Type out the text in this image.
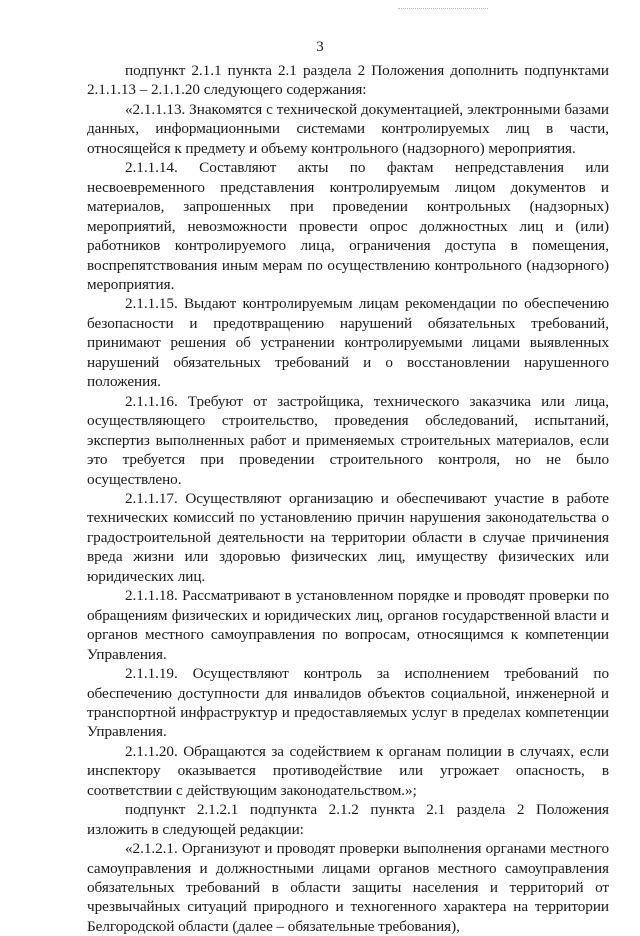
3

подпункт 2.1.1 пункта 2.1 раздела 2 Положения дополнить подпунктами 2.1.1.13 – 2.1.1.20 следующего содержания:

«2.1.1.13. Знакомятся с технической документацией, электронными базами данных, информационными системами контролируемых лиц в части, относящейся к предмету и объему контрольного (надзорного) мероприятия.

2.1.1.14. Составляют акты по фактам непредставления или несвоевременного представления контролируемым лицом документов и материалов, запрошенных при проведении контрольных (надзорных) мероприятий, невозможности провести опрос должностных лиц и (или) работников контролируемого лица, ограничения доступа в помещения, воспрепятствования иным мерам по осуществлению контрольного (надзорного) мероприятия.

2.1.1.15. Выдают контролируемым лицам рекомендации по обеспечению безопасности и предотвращению нарушений обязательных требований, принимают решения об устранении контролируемыми лицами выявленных нарушений обязательных требований и о восстановлении нарушенного положения.

2.1.1.16. Требуют от застройщика, технического заказчика или лица, осуществляющего строительство, проведения обследований, испытаний, экспертиз выполненных работ и применяемых строительных материалов, если это требуется при проведении строительного контроля, но не было осуществлено.

2.1.1.17. Осуществляют организацию и обеспечивают участие в работе технических комиссий по установлению причин нарушения законодательства о градостроительной деятельности на территории области в случае причинения вреда жизни или здоровью физических лиц, имуществу физических или юридических лиц.

2.1.1.18. Рассматривают в установленном порядке и проводят проверки по обращениям физических и юридических лиц, органов государственной власти и органов местного самоуправления по вопросам, относящимся к компетенции Управления.

2.1.1.19. Осуществляют контроль за исполнением требований по обеспечению доступности для инвалидов объектов социальной, инженерной и транспортной инфраструктур и предоставляемых услуг в пределах компетенции Управления.

2.1.1.20. Обращаются за содействием к органам полиции в случаях, если инспектору оказывается противодействие или угрожает опасность, в соответствии с действующим законодательством.»;

подпункт 2.1.2.1 подпункта 2.1.2 пункта 2.1 раздела 2 Положения изложить в следующей редакции:

«2.1.2.1. Организуют и проводят проверки выполнения органами местного самоуправления и должностными лицами органов местного самоуправления обязательных требований в области защиты населения и территорий от чрезвычайных ситуаций природного и техногенного характера на территории Белгородской области (далее – обязательные требования),
